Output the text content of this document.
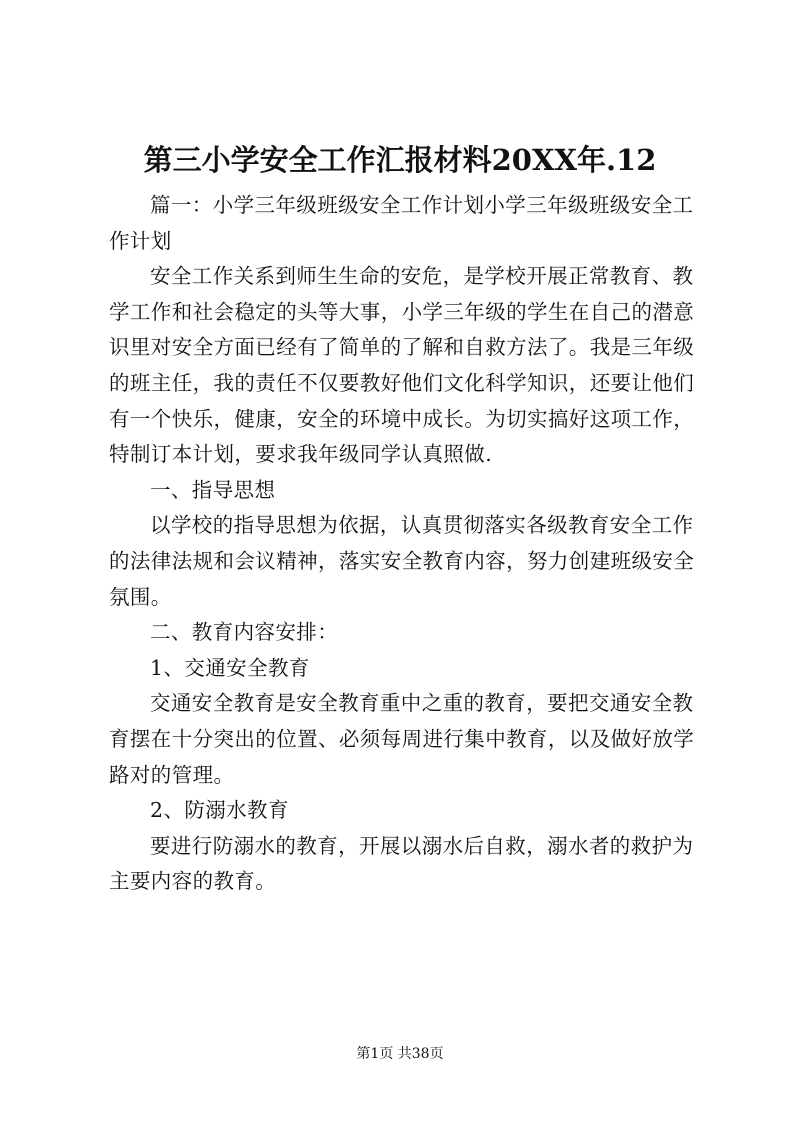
第三小学安全工作汇报材料20XX年.12

篇一：小学三年级班级安全工作计划小学三年级班级安全工作计划

安全工作关系到师生生命的安危，是学校开展正常教育、教学工作和社会稳定的头等大事，小学三年级的学生在自己的潜意识里对安全方面已经有了简单的了解和自救方法了。我是三年级的班主任，我的责任不仅要教好他们文化科学知识，还要让他们有一个快乐，健康，安全的环境中成长。为切实搞好这项工作，特制订本计划，要求我年级同学认真照做.

一、指导思想

以学校的指导思想为依据，认真贯彻落实各级教育安全工作的法律法规和会议精神，落实安全教育内容，努力创建班级安全氛围。

二、教育内容安排：

1、交通安全教育

交通安全教育是安全教育重中之重的教育，要把交通安全教育摆在十分突出的位置、必须每周进行集中教育，以及做好放学路对的管理。

2、防溺水教育

要进行防溺水的教育，开展以溺水后自救，溺水者的救护为主要内容的教育。

第1页 共38页
